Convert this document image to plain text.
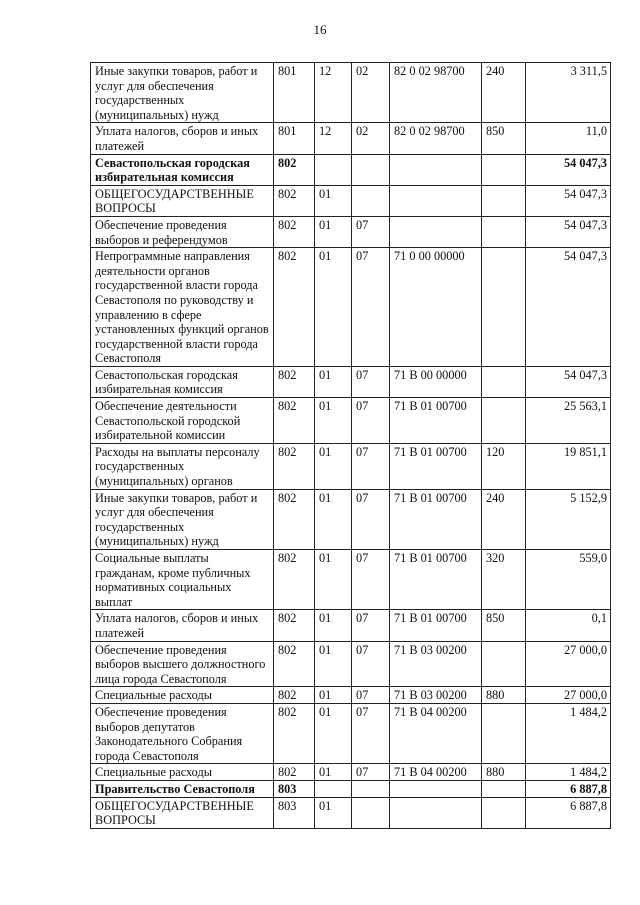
16
Иные закупки товаров, работ и услуг для обеспечения государственных (муниципальных) нужд	801	12	02	82 0 02 98700	240	3 311,5
Уплата налогов, сборов и иных платежей	801	12	02	82 0 02 98700	850	11,0
Севастопольская городская избирательная комиссия	802					54 047,3
ОБЩЕГОСУДАРСТВЕННЫЕ ВОПРОСЫ	802	01				54 047,3
Обеспечение проведения выборов и референдумов	802	01	07			54 047,3
Непрограммные направления деятельности органов государственной власти города Севастополя по руководству и управлению в сфере установленных функций органов государственной власти города Севастополя	802	01	07	71 0 00 00000		54 047,3
Севастопольская городская избирательная комиссия	802	01	07	71 В 00 00000		54 047,3
Обеспечение деятельности Севастопольской городской избирательной комиссии	802	01	07	71 В 01 00700		25 563,1
Расходы на выплаты персоналу государственных (муниципальных) органов	802	01	07	71 В 01 00700	120	19 851,1
Иные закупки товаров, работ и услуг для обеспечения государственных (муниципальных) нужд	802	01	07	71 В 01 00700	240	5 152,9
Социальные выплаты гражданам, кроме публичных нормативных социальных выплат	802	01	07	71 В 01 00700	320	559,0
Уплата налогов, сборов и иных платежей	802	01	07	71 В 01 00700	850	0,1
Обеспечение проведения выборов высшего должностного лица города Севастополя	802	01	07	71 В 03 00200		27 000,0
Специальные расходы	802	01	07	71 В 03 00200	880	27 000,0
Обеспечение проведения выборов депутатов Законодательного Собрания города Севастополя	802	01	07	71 В 04 00200		1 484,2
Специальные расходы	802	01	07	71 В 04 00200	880	1 484,2
Правительство Севастополя	803					6 887,8
ОБЩЕГОСУДАРСТВЕННЫЕ ВОПРОСЫ	803	01				6 887,8
